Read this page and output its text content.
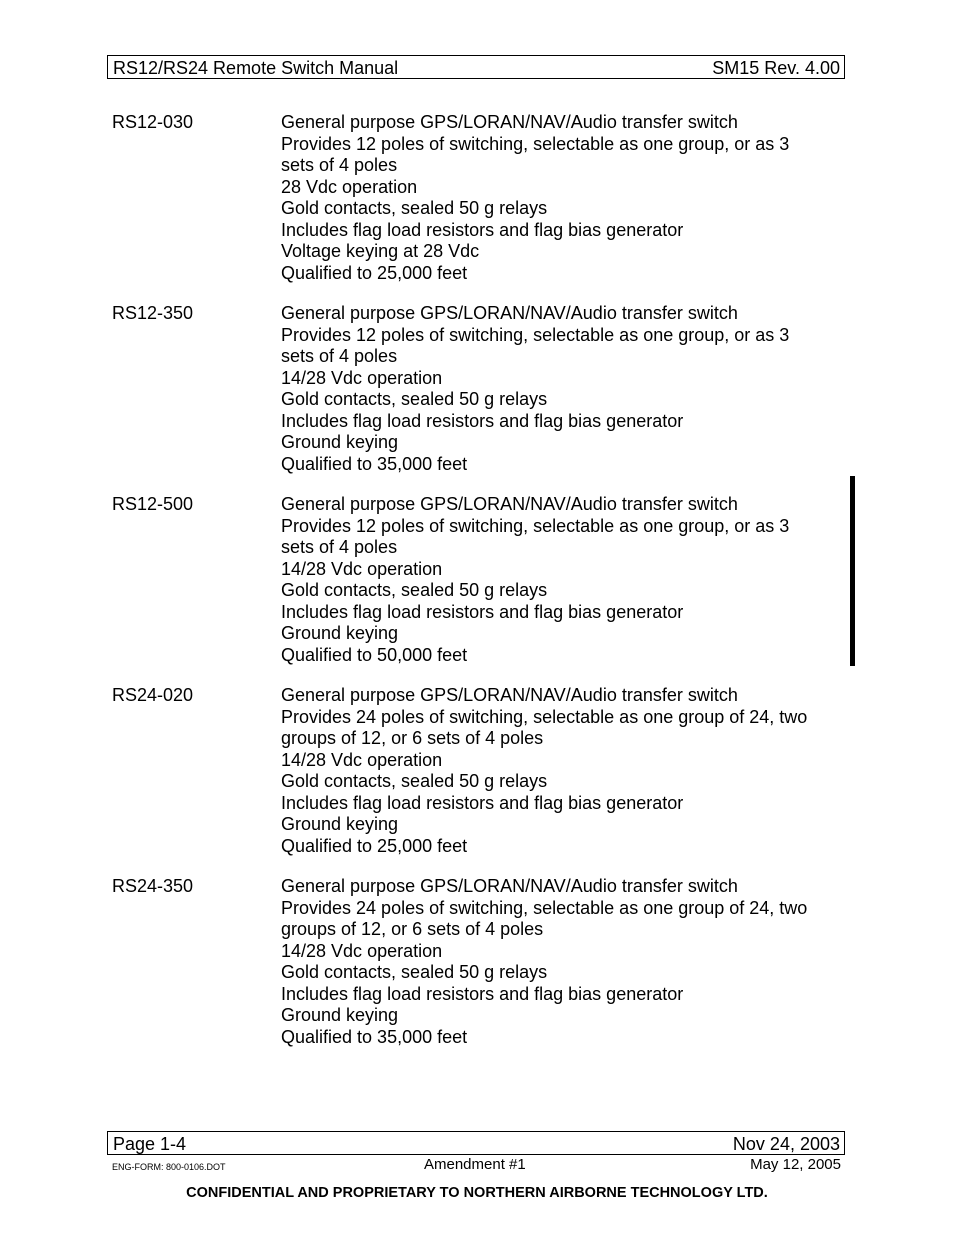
RS12/RS24 Remote Switch Manual	SM15 Rev. 4.00
RS12-030	General purpose GPS/LORAN/NAV/Audio transfer switch
Provides 12 poles of switching, selectable as one group, or as 3
sets of 4 poles
28 Vdc operation
Gold contacts, sealed 50 g relays
Includes flag load resistors and flag bias generator
Voltage keying at 28 Vdc
Qualified to 25,000 feet
RS12-350	General purpose GPS/LORAN/NAV/Audio transfer switch
Provides 12 poles of switching, selectable as one group, or as 3
sets of 4 poles
14/28 Vdc operation
Gold contacts, sealed 50 g relays
Includes flag load resistors and flag bias generator
Ground keying
Qualified to 35,000 feet
RS12-500	General purpose GPS/LORAN/NAV/Audio transfer switch
Provides 12 poles of switching, selectable as one group, or as 3
sets of 4 poles
14/28 Vdc operation
Gold contacts, sealed 50 g relays
Includes flag load resistors and flag bias generator
Ground keying
Qualified to 50,000 feet
RS24-020	General purpose GPS/LORAN/NAV/Audio transfer switch
Provides 24 poles of switching, selectable as one group of 24, two
groups of 12, or 6 sets of 4 poles
14/28 Vdc operation
Gold contacts, sealed 50 g relays
Includes flag load resistors and flag bias generator
Ground keying
Qualified to 25,000 feet
RS24-350	General purpose GPS/LORAN/NAV/Audio transfer switch
Provides 24 poles of switching, selectable as one group of 24, two
groups of 12, or 6 sets of 4 poles
14/28 Vdc operation
Gold contacts, sealed 50 g relays
Includes flag load resistors and flag bias generator
Ground keying
Qualified to 35,000 feet
Page 1-4	Nov 24, 2003
ENG-FORM: 800-0106.DOT	Amendment #1	May 12, 2005
CONFIDENTIAL AND PROPRIETARY TO NORTHERN AIRBORNE TECHNOLOGY LTD.
